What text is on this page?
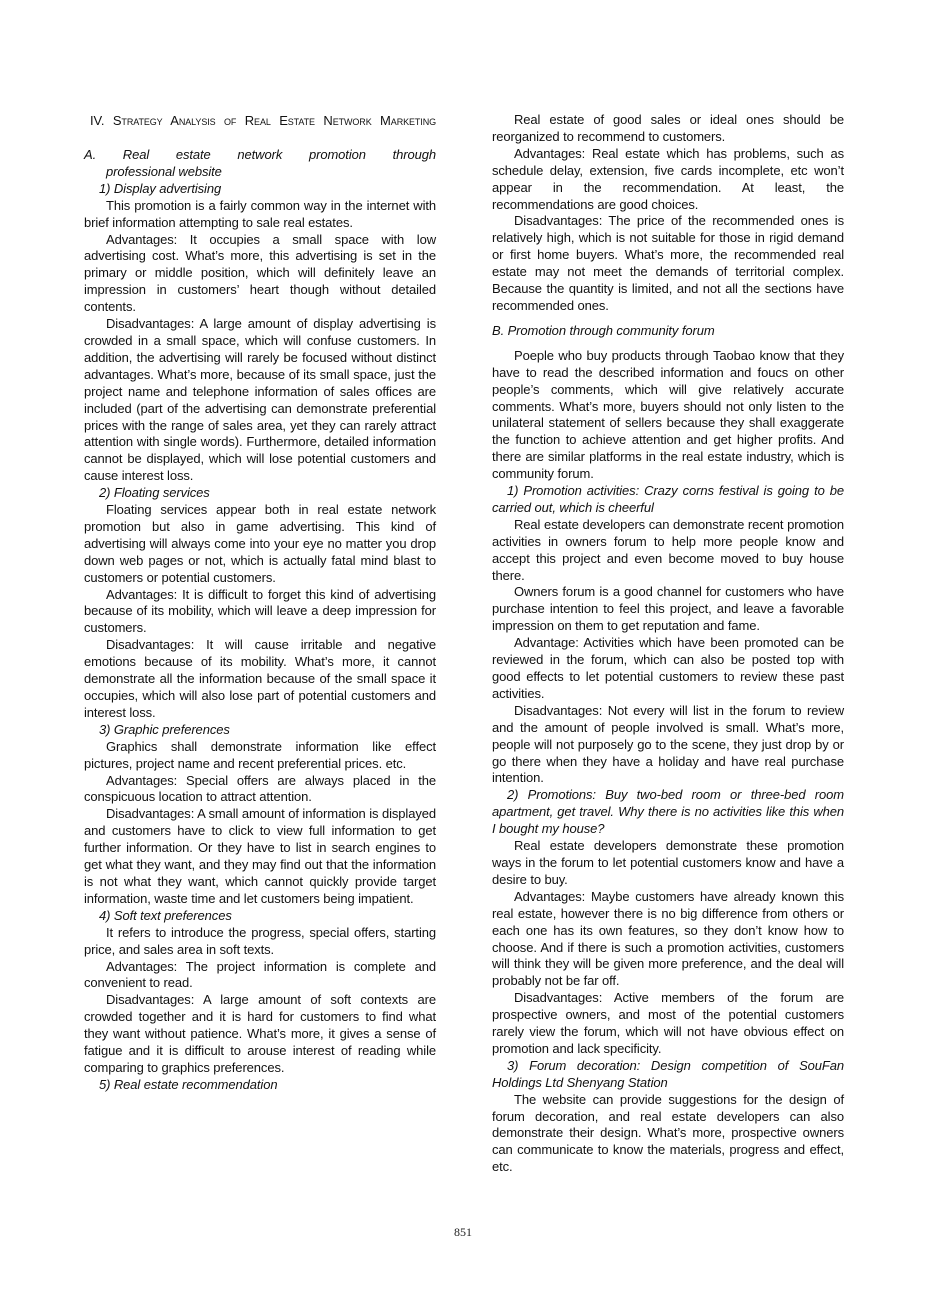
IV. Strategy Analysis of Real Estate Network Marketing

A. Real estate network promotion through

professional website

1) Display advertising

This promotion is a fairly common way in the internet with brief information attempting to sale real estates.

Advantages: It occupies a small space with low advertising cost. What’s more, this advertising is set in the primary or middle position, which will definitely leave an impression in customers’ heart though without detailed contents.

Disadvantages: A large amount of display advertising is crowded in a small space, which will confuse customers. In addition, the advertising will rarely be focused without distinct advantages. What’s more, because of its small space, just the project name and telephone information of sales offices are included (part of the advertising can demonstrate preferential prices with the range of sales area, yet they can rarely attract attention with single words). Furthermore, detailed information cannot be displayed, which will lose potential customers and cause interest loss.

2) Floating services

Floating services appear both in real estate network promotion but also in game advertising. This kind of advertising will always come into your eye no matter you drop down web pages or not, which is actually fatal mind blast to customers or potential customers.

Advantages: It is difficult to forget this kind of advertising because of its mobility, which will leave a deep impression for customers.

Disadvantages: It will cause irritable and negative emotions because of its mobility. What’s more, it cannot demonstrate all the information because of the small space it occupies, which will also lose part of potential customers and interest loss.

3) Graphic preferences

Graphics shall demonstrate information like effect pictures, project name and recent preferential prices. etc.

Advantages: Special offers are always placed in the conspicuous location to attract attention.

Disadvantages: A small amount of information is displayed and customers have to click to view full information to get further information. Or they have to list in search engines to get what they want, and they may find out that the information is not what they want, which cannot quickly provide target information, waste time and let customers being impatient.

4) Soft text preferences

It refers to introduce the progress, special offers, starting price, and sales area in soft texts.

Advantages: The project information is complete and convenient to read.

Disadvantages: A large amount of soft contexts are crowded together and it is hard for customers to find what they want without patience. What’s more, it gives a sense of fatigue and it is difficult to arouse interest of reading while comparing to graphics preferences.

5) Real estate recommendation

Real estate of good sales or ideal ones should be reorganized to recommend to customers.

Advantages: Real estate which has problems, such as schedule delay, extension, five cards incomplete, etc won’t appear in the recommendation. At least, the recommendations are good choices.

Disadvantages: The price of the recommended ones is relatively high, which is not suitable for those in rigid demand or first home buyers. What’s more, the recommended real estate may not meet the demands of territorial complex. Because the quantity is limited, and not all the sections have recommended ones.

B. Promotion through community forum

Poeple who buy products through Taobao know that they have to read the described information and foucs on other people’s comments, which will give relatively accurate comments. What’s more, buyers should not only listen to the unilateral statement of sellers because they shall exaggerate the function to achieve attention and get higher profits. And there are similar platforms in the real estate industry, which is community forum.

1) Promotion activities: Crazy corns festival is going to be carried out, which is cheerful

Real estate developers can demonstrate recent promotion activities in owners forum to help more people know and accept this project and even become moved to buy house there.

Owners forum is a good channel for customers who have purchase intention to feel this project, and leave a favorable impression on them to get reputation and fame.

Advantage: Activities which have been promoted can be reviewed in the forum, which can also be posted top with good effects to let potential customers to review these past activities.

Disadvantages: Not every will list in the forum to review and the amount of people involved is small. What’s more, people will not purposely go to the scene, they just drop by or go there when they have a holiday and have real purchase intention.

2) Promotions: Buy two-bed room or three-bed room apartment, get travel. Why there is no activities like this when I bought my house?

Real estate developers demonstrate these promotion ways in the forum to let potential customers know and have a desire to buy.

Advantages: Maybe customers have already known this real estate, however there is no big difference from others or each one has its own features, so they don’t know how to choose. And if there is such a promotion activities, customers will think they will be given more preference, and the deal will probably not be far off.

Disadvantages: Active members of the forum are prospective owners, and most of the potential customers rarely view the forum, which will not have obvious effect on promotion and lack specificity.

3) Forum decoration: Design competition of SouFan Holdings Ltd Shenyang Station

The website can provide suggestions for the design of forum decoration, and real estate developers can also demonstrate their design. What’s more, prospective owners can communicate to know the materials, progress and effect, etc.

851
